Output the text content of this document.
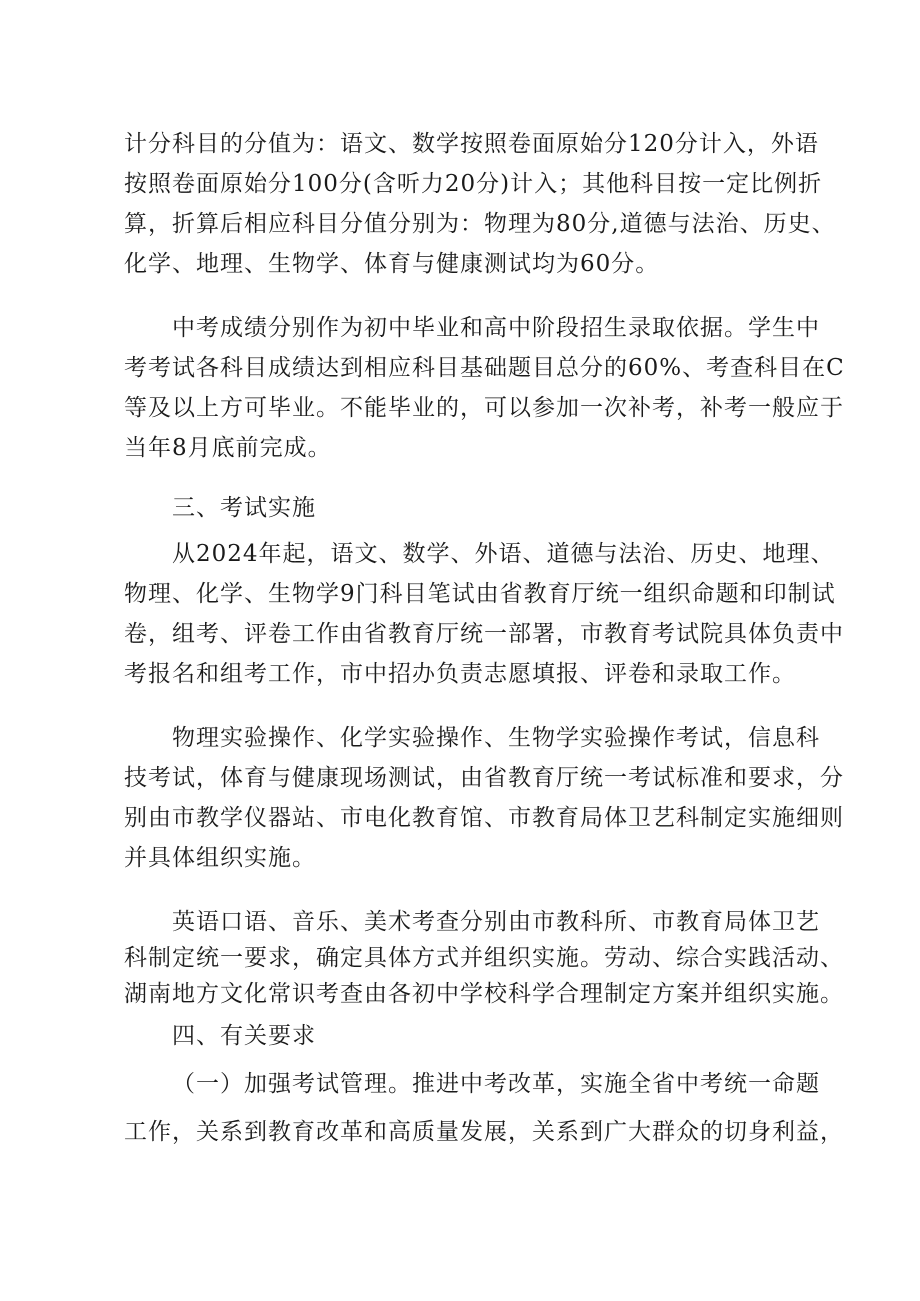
计分科目的分值为：语文、数学按照卷面原始分120分计入，外语
按照卷面原始分100分(含听力20分)计入；其他科目按一定比例折
算，折算后相应科目分值分别为：物理为80分,道德与法治、历史、
化学、地理、生物学、体育与健康测试均为60分。
中考成绩分别作为初中毕业和高中阶段招生录取依据。学生中
考考试各科目成绩达到相应科目基础题目总分的60%、考查科目在C
等及以上方可毕业。不能毕业的，可以参加一次补考，补考一般应于
当年8月底前完成。
三、考试实施
从2024年起，语文、数学、外语、道德与法治、历史、地理、
物理、化学、生物学9门科目笔试由省教育厅统一组织命题和印制试
卷，组考、评卷工作由省教育厅统一部署，市教育考试院具体负责中
考报名和组考工作，市中招办负责志愿填报、评卷和录取工作。
物理实验操作、化学实验操作、生物学实验操作考试，信息科
技考试，体育与健康现场测试，由省教育厅统一考试标准和要求，分
别由市教学仪器站、市电化教育馆、市教育局体卫艺科制定实施细则
并具体组织实施。
英语口语、音乐、美术考查分别由市教科所、市教育局体卫艺
科制定统一要求，确定具体方式并组织实施。劳动、综合实践活动、
湖南地方文化常识考查由各初中学校科学合理制定方案并组织实施。
四、有关要求
（一）加强考试管理。推进中考改革，实施全省中考统一命题
工作，关系到教育改革和高质量发展，关系到广大群众的切身利益，
